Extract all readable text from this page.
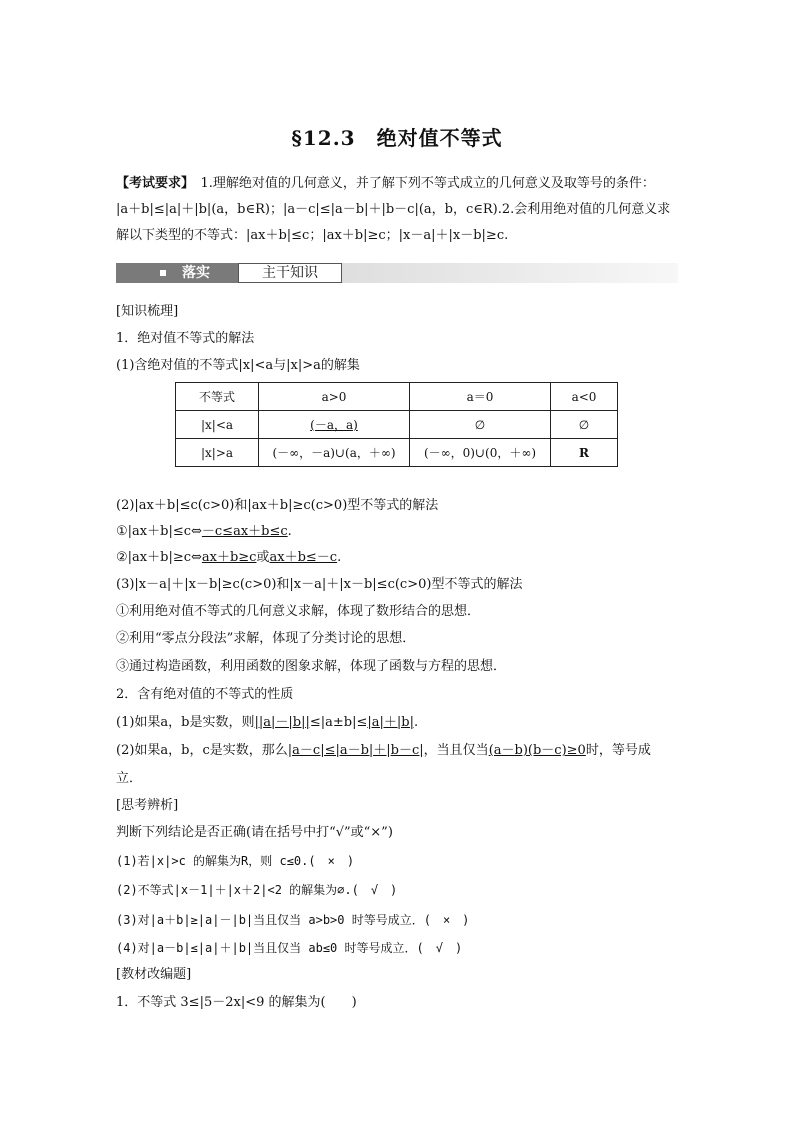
§12.3　绝对值不等式
【考试要求】　1.理解绝对值的几何意义，并了解下列不等式成立的几何意义及取等号的条件：
|a＋b|≤|a|＋|b|(a，b∈R)；|a－c|≤|a－b|＋|b－c|(a，b，c∈R).2.会利用绝对值的几何意义求
解以下类型的不等式：|ax＋b|≤c；|ax＋b|≥c；|x－a|＋|x－b|≥c.
落实	主干知识
[知识梳理]
1．绝对值不等式的解法
(1)含绝对值的不等式|x|<a与|x|>a的解集
不等式	a>0	a＝0	a<0
|x|<a	(－a，a)	∅	∅
|x|>a	(－∞，－a)∪(a，＋∞)	(－∞，0)∪(0，＋∞)	R
(2)|ax＋b|≤c(c>0)和|ax＋b|≥c(c>0)型不等式的解法
①|ax＋b|≤c⇔－c≤ax＋b≤c.
②|ax＋b|≥c⇔ax＋b≥c或ax＋b≤－c.
(3)|x－a|＋|x－b|≥c(c>0)和|x－a|＋|x－b|≤c(c>0)型不等式的解法
①利用绝对值不等式的几何意义求解，体现了数形结合的思想．
②利用“零点分段法”求解，体现了分类讨论的思想．
③通过构造函数，利用函数的图象求解，体现了函数与方程的思想．
2．含有绝对值的不等式的性质
(1)如果a，b是实数，则||a|－|b||≤|a±b|≤|a|＋|b|.
(2)如果a，b，c是实数，那么|a－c|≤|a－b|＋|b－c|，当且仅当(a－b)(b－c)≥0时，等号成
立．
[思考辨析]
判断下列结论是否正确(请在括号中打“√”或“×”)
(1)若|x|>c 的解集为R，则 c≤0.(　×　)
(2)不等式|x－1|＋|x＋2|<2 的解集为∅.(　√　)
(3)对|a＋b|≥|a|－|b|当且仅当 a>b>0 时等号成立．(　×　)
(4)对|a－b|≤|a|＋|b|当且仅当 ab≤0 时等号成立．(　√　)
[教材改编题]
1．不等式 3≤|5－2x|<9 的解集为(　　)
